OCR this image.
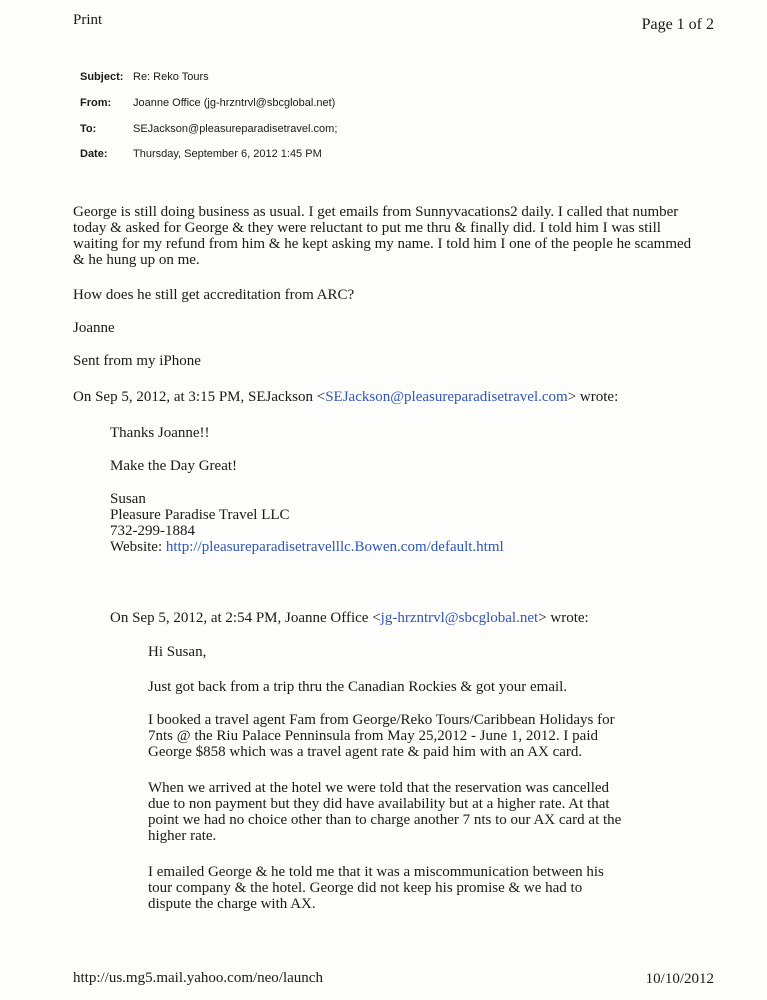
Print	Page 1 of 2
Subject: Re: Reko Tours
From: Joanne Office (jg-hrzntrvl@sbcglobal.net)
To:	SEJackson@pleasureparadisetravel.com;
Date: Thursday, September 6, 2012 1:45 PM
George is still doing business as usual. I get emails from Sunnyvacations2 daily. I called that number
today & asked for George & they were reluctant to put me thru & finally did. I told him I was still
waiting for my refund from him & he kept asking my name. I told him I one of the people he scammed
& he hung up on me.
How does he still get accreditation from ARC?
Joanne
Sent from my iPhone
On Sep 5, 2012, at 3:15 PM, SEJackson <SEJackson@pleasureparadisetravel.com> wrote:
Thanks Joanne!!
Make the Day Great!
Susan
Pleasure Paradise Travel LLC
732-299-1884
Website: http://pleasureparadisetravelllc.Bowen.com/default.html
On Sep 5, 2012, at 2:54 PM, Joanne Office <jg-hrzntrvl@sbcglobal.net> wrote:
Hi Susan,
Just got back from a trip thru the Canadian Rockies & got your email.
I booked a travel agent Fam from George/Reko Tours/Caribbean Holidays for
7nts @ the Riu Palace Penninsula from May 25,2012 - June 1, 2012. I paid
George $858 which was a travel agent rate & paid him with an AX card.
When we arrived at the hotel we were told that the reservation was cancelled
due to non payment but they did have availability but at a higher rate. At that
point we had no choice other than to charge another 7 nts to our AX card at the
higher rate.
I emailed George & he told me that it was a miscommunication between his
tour company & the hotel. George did not keep his promise & we had to
dispute the charge with AX.
http://us.mg5.mail.yahoo.com/neo/launch	10/10/2012
